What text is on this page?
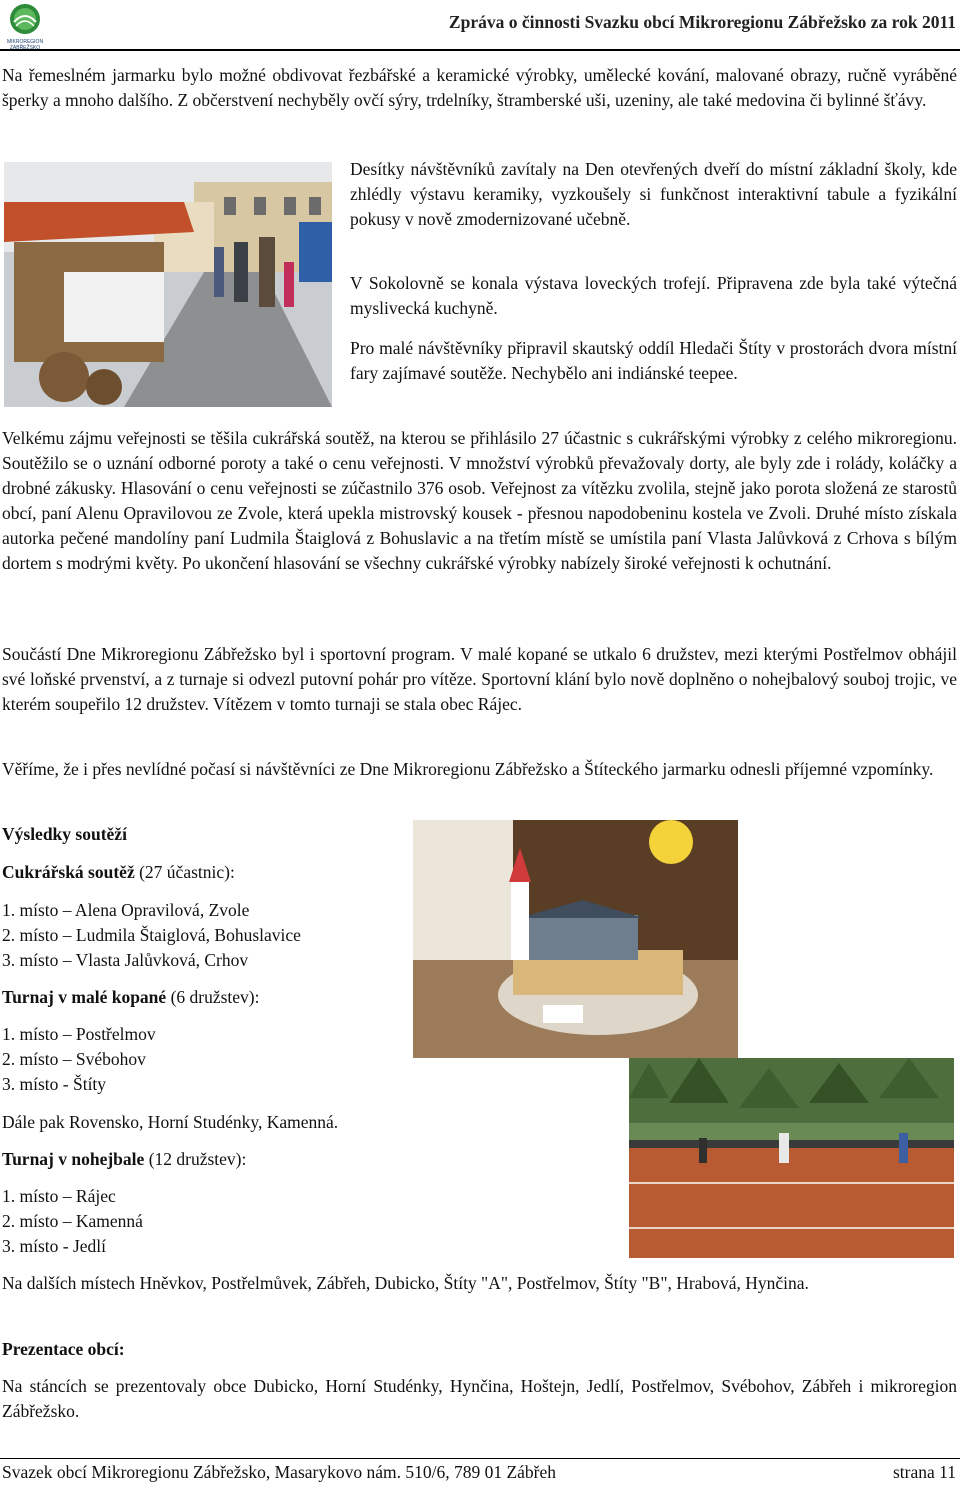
MIKROREGION
ZÁBŘEŽSKO
Zpráva o činnosti Svazku obcí Mikroregionu Zábřežsko za rok 2011

Na řemeslném jarmarku bylo možné obdivovat řezbářské a keramické výrobky, umělecké kování, malované obrazy, ručně vyráběné šperky a mnoho dalšího. Z občerstvení nechyběly ovčí sýry, trdelníky, štramberské uši, uzeniny, ale také medovina či bylinné šťávy.

Desítky návštěvníků zavítaly na Den otevřených dveří do místní základní školy, kde zhlédly výstavu keramiky, vyzkoušely si funkčnost interaktivní tabule a fyzikální pokusy v nově zmodernizované učebně.

V Sokolovně se konala výstava loveckých trofejí. Připravena zde byla také výtečná myslivecká kuchyně.

Pro malé návštěvníky připravil skautský oddíl Hledači Štíty v prostorách dvora místní fary zajímavé soutěže. Nechybělo ani indiánské teepee.

Velkému zájmu veřejnosti se těšila cukrářská soutěž, na kterou se přihlásilo 27 účastnic s cukrářskými výrobky z celého mikroregionu. Soutěžilo se o uznání odborné poroty a také o cenu veřejnosti. V množství výrobků převažovaly dorty, ale byly zde i rolády, koláčky a drobné zákusky. Hlasování o cenu veřejnosti se zúčastnilo 376 osob. Veřejnost za vítězku zvolila, stejně jako porota složená ze starostů obcí, paní Alenu Opravilovou ze Zvole, která upekla mistrovský kousek - přesnou napodobeninu kostela ve Zvoli. Druhé místo získala autorka pečené mandolíny paní Ludmila Štaiglová z Bohuslavic a na třetím místě se umístila paní Vlasta Jalůvková z Crhova s bílým dortem s modrými květy. Po ukončení hlasování se všechny cukrářské výrobky nabízely široké veřejnosti k ochutnání.

Součástí Dne Mikroregionu Zábřežsko byl i sportovní program. V malé kopané se utkalo 6 družstev, mezi kterými Postřelmov obhájil své loňské prvenství, a z turnaje si odvezl putovní pohár pro vítěze. Sportovní klání bylo nově doplněno o nohejbalový souboj trojic, ve kterém soupeřilo 12 družstev. Vítězem v tomto turnaji se stala obec Rájec.

Věříme, že i přes nevlídné počasí si návštěvníci ze Dne Mikroregionu Zábřežsko a Štíteckého jarmarku odnesli příjemné vzpomínky.

Výsledky soutěží
Cukrářská soutěž (27 účastnic):
1. místo – Alena Opravilová, Zvole
2. místo – Ludmila Štaiglová, Bohuslavice
3. místo – Vlasta Jalůvková, Crhov
Turnaj v malé kopané (6 družstev):
1. místo – Postřelmov
2. místo – Svébohov
3. místo - Štíty
Dále pak Rovensko, Horní Studénky, Kamenná.
Turnaj v nohejbale (12 družstev):
1. místo – Rájec
2. místo – Kamenná
3. místo - Jedlí

Na dalších místech Hněvkov, Postřelmůvek, Zábřeh, Dubicko, Štíty "A", Postřelmov, Štíty "B", Hrabová, Hynčina.

Prezentace obcí:

Na stáncích se prezentovaly obce Dubicko, Horní Studénky, Hynčina, Hoštejn, Jedlí, Postřelmov, Svébohov, Zábřeh i mikroregion Zábřežsko.

Svazek obcí Mikroregionu Zábřežsko, Masarykovo nám. 510/6, 789 01 Zábřeh	strana 11
